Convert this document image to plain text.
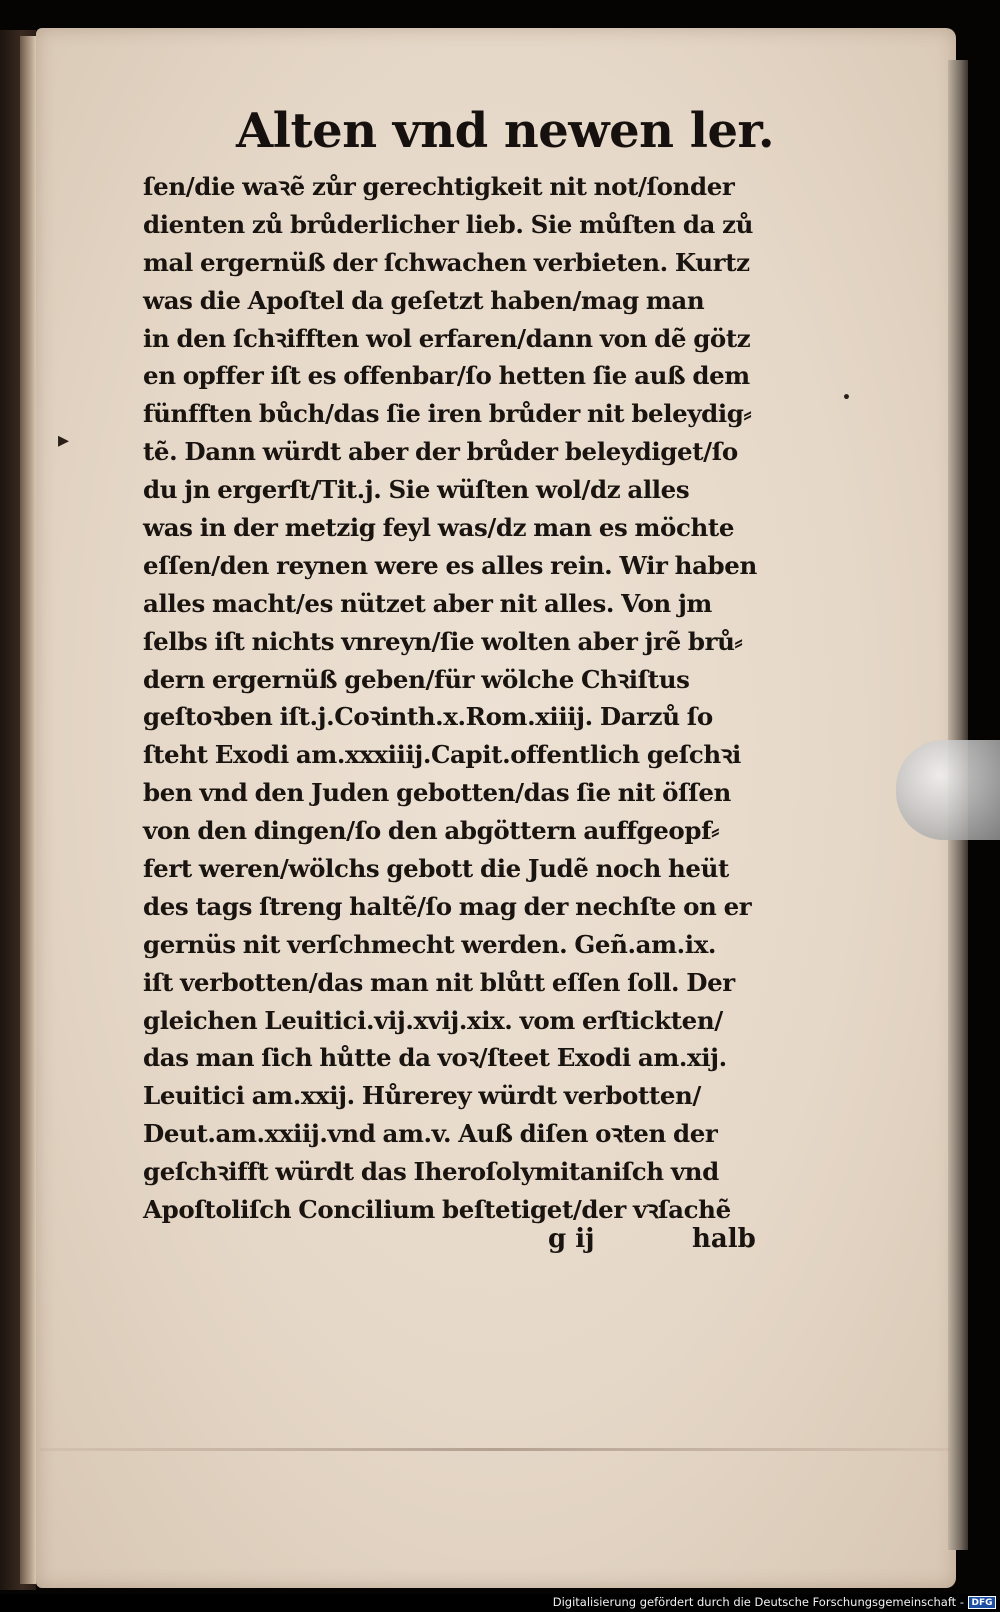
Alten vnd newen ler.
ſen/die waꝛẽ zůr gerechtigkeit nit not/ſonder
dienten zů brůderlicher lieb. Sie můſten da zů
mal ergernüß der ſchwachen verbieten. Kurtz
was die Apoſtel da geſetzt haben/mag man
in den ſchꝛifften wol erfaren/dann von dẽ götz
en opffer iſt es offenbar/ſo hetten ſie auß dem
fünfften bůch/das ſie iren brůder nit beleydig⸗
tẽ. Dann würdt aber der brůder beleydiget/ſo
du jn ergerſt/Tit.j. Sie wüſten wol/dz alles
was in der metzig feyl was/dz man es möchte
eſſen/den reynen were es alles rein. Wir haben
alles macht/es nützet aber nit alles. Von jm
ſelbs iſt nichts vnreyn/ſie wolten aber jrẽ brů⸗
dern ergernüß geben/für wölche Chꝛiſtus
geſtoꝛben iſt.j.Coꝛinth.x.Rom.xiiij. Darzů ſo
ſteht Exodi am.xxxiiij.Capit.offentlich geſchꝛi
ben vnd den Juden gebotten/das ſie nit öſſen
von den dingen/ſo den abgöttern auffgeopf⸗
fert weren/wölchs gebott die Judẽ noch heüt
des tags ſtreng haltẽ/ſo mag der nechſte on er
gernüs nit verſchmecht werden. Geñ.am.ix.
iſt verbotten/das man nit blůtt eſſen ſoll. Der
gleichen Leuitici.vij.xvij.xix. vom erſtickten/
das man ſich hůtte da voꝛ/ſteet Exodi am.xij.
Leuitici am.xxij. Hůrerey würdt verbotten/
Deut.am.xxiij.vnd am.v. Auß diſen oꝛten der
geſchꝛifft würdt das Iheroſolymitaniſch vnd
Apoſtoliſch Concilium beſtetiget/der vꝛſachẽ
g ij	halb
▸
•
Digitalisierung gefördert durch die Deutsche Forschungsgemeinschaft - DFG
